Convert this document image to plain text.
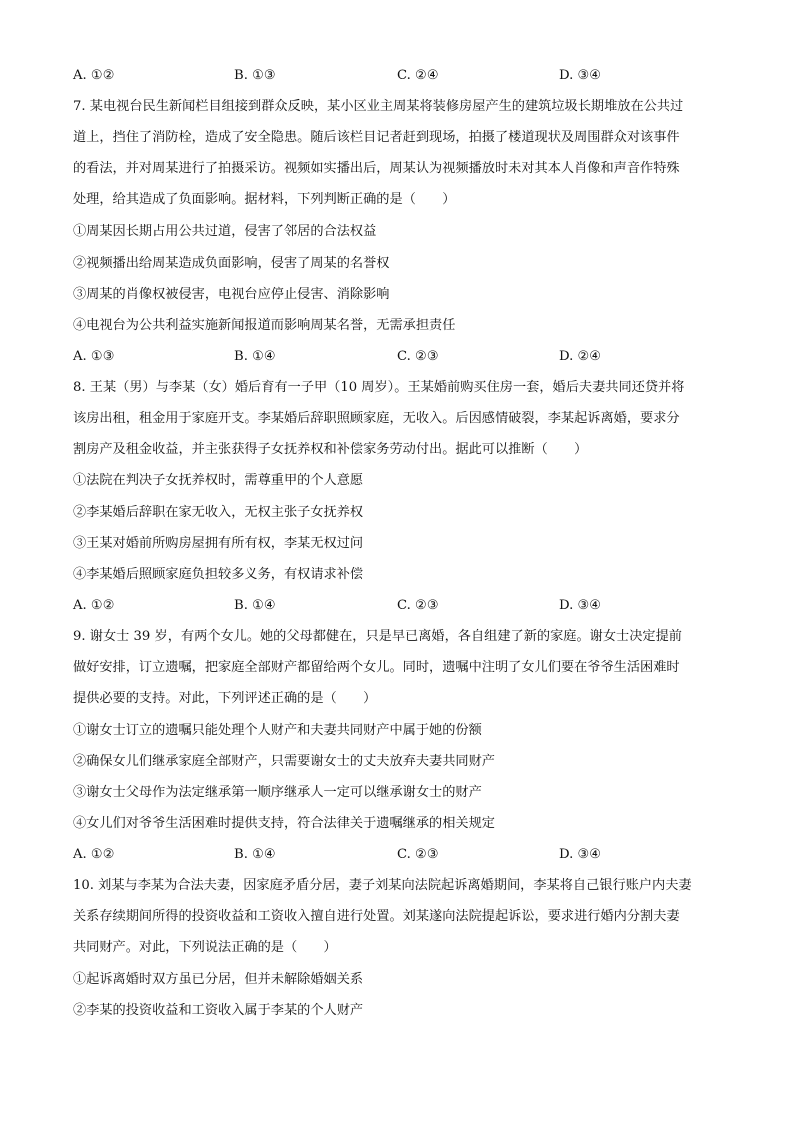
A. ①②	B. ①③	C. ②④	D. ③④
7. 某电视台民生新闻栏目组接到群众反映，某小区业主周某将装修房屋产生的建筑垃圾长期堆放在公共过
道上，挡住了消防栓，造成了安全隐患。随后该栏目记者赶到现场，拍摄了楼道现状及周围群众对该事件
的看法，并对周某进行了拍摄采访。视频如实播出后，周某认为视频播放时未对其本人肖像和声音作特殊
处理，给其造成了负面影响。据材料，下列判断正确的是（　　）
①周某因长期占用公共过道，侵害了邻居的合法权益
②视频播出给周某造成负面影响，侵害了周某的名誉权
③周某的肖像权被侵害，电视台应停止侵害、消除影响
④电视台为公共利益实施新闻报道而影响周某名誉，无需承担责任
A. ①③	B. ①④	C. ②③	D. ②④
8. 王某（男）与李某（女）婚后育有一子甲（10 周岁）。王某婚前购买住房一套，婚后夫妻共同还贷并将
该房出租，租金用于家庭开支。李某婚后辞职照顾家庭，无收入。后因感情破裂，李某起诉离婚，要求分
割房产及租金收益，并主张获得子女抚养权和补偿家务劳动付出。据此可以推断（　　）
①法院在判决子女抚养权时，需尊重甲的个人意愿
②李某婚后辞职在家无收入，无权主张子女抚养权
③王某对婚前所购房屋拥有所有权，李某无权过问
④李某婚后照顾家庭负担较多义务，有权请求补偿
A. ①②	B. ①④	C. ②③	D. ③④
9. 谢女士 39 岁，有两个女儿。她的父母都健在，只是早已离婚，各自组建了新的家庭。谢女士决定提前
做好安排，订立遗嘱，把家庭全部财产都留给两个女儿。同时，遗嘱中注明了女儿们要在爷爷生活困难时
提供必要的支持。对此，下列评述正确的是（　　）
①谢女士订立的遗嘱只能处理个人财产和夫妻共同财产中属于她的份额
②确保女儿们继承家庭全部财产，只需要谢女士的丈夫放弃夫妻共同财产
③谢女士父母作为法定继承第一顺序继承人一定可以继承谢女士的财产
④女儿们对爷爷生活困难时提供支持，符合法律关于遗嘱继承的相关规定
A. ①②	B. ①④	C. ②③	D. ③④
10. 刘某与李某为合法夫妻，因家庭矛盾分居，妻子刘某向法院起诉离婚期间，李某将自己银行账户内夫妻
关系存续期间所得的投资收益和工资收入擅自进行处置。刘某遂向法院提起诉讼，要求进行婚内分割夫妻
共同财产。对此，下列说法正确的是（　　）
①起诉离婚时双方虽已分居，但并未解除婚姻关系
②李某的投资收益和工资收入属于李某的个人财产
